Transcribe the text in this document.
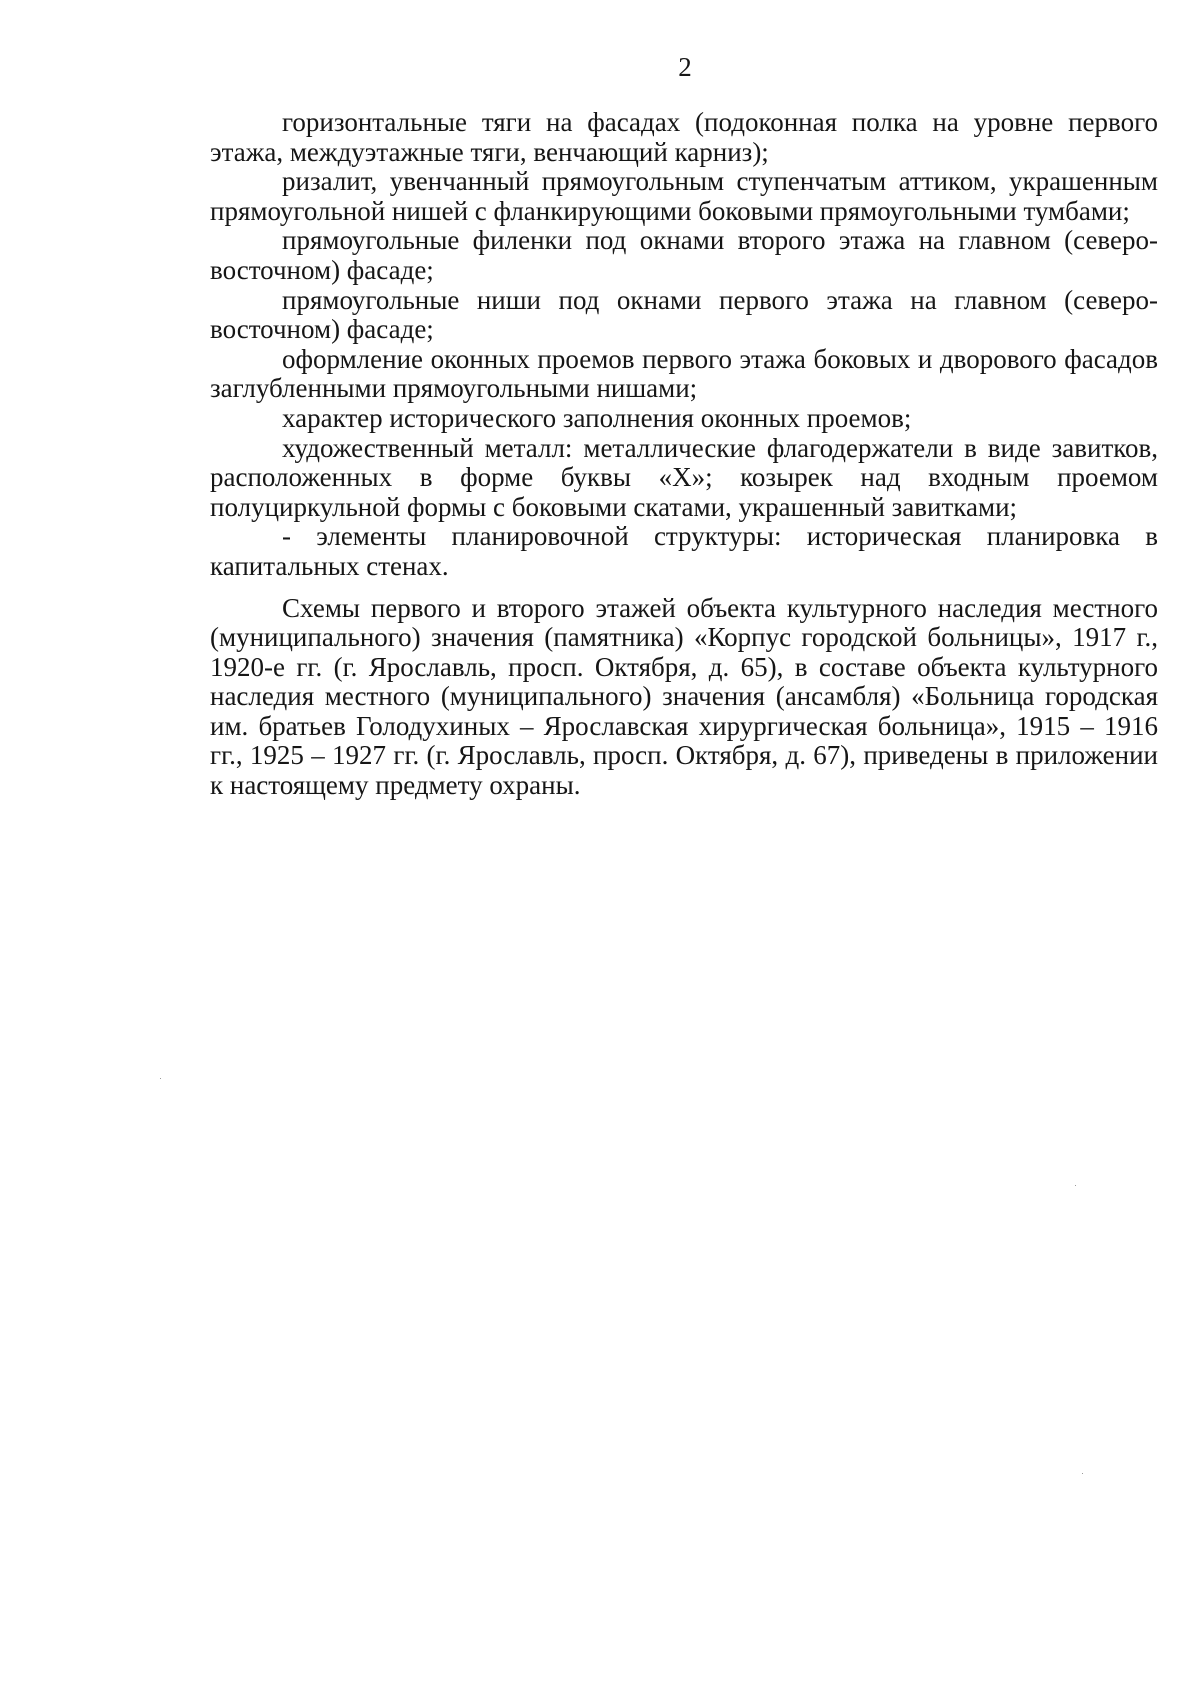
2

горизонтальные тяги на фасадах (подоконная полка на уровне первого этажа, междуэтажные тяги, венчающий карниз);

ризалит, увенчанный прямоугольным ступенчатым аттиком, украшенным прямоугольной нишей с фланкирующими боковыми прямоугольными тумбами;

прямоугольные филенки под окнами второго этажа на главном (северо-восточном) фасаде;

прямоугольные ниши под окнами первого этажа на главном (северо-восточном) фасаде;

оформление оконных проемов первого этажа боковых и дворового фасадов заглубленными прямоугольными нишами;

характер исторического заполнения оконных проемов;

художественный металл: металлические флагодержатели в виде завитков, расположенных в форме буквы «Х»; козырек над входным проемом полуциркульной формы с боковыми скатами, украшенный завитками;

- элементы планировочной структуры: историческая планировка в капитальных стенах.

Схемы первого и второго этажей объекта культурного наследия местного (муниципального) значения (памятника) «Корпус городской больницы», 1917 г., 1920-е гг. (г. Ярославль, просп. Октября, д. 65), в составе объекта культурного наследия местного (муниципального) значения (ансамбля) «Больница городская им. братьев Голодухиных – Ярославская хирургическая больница», 1915 – 1916 гг., 1925 – 1927 гг. (г. Ярославль, просп. Октября, д. 67), приведены в приложении к настоящему предмету охраны.
